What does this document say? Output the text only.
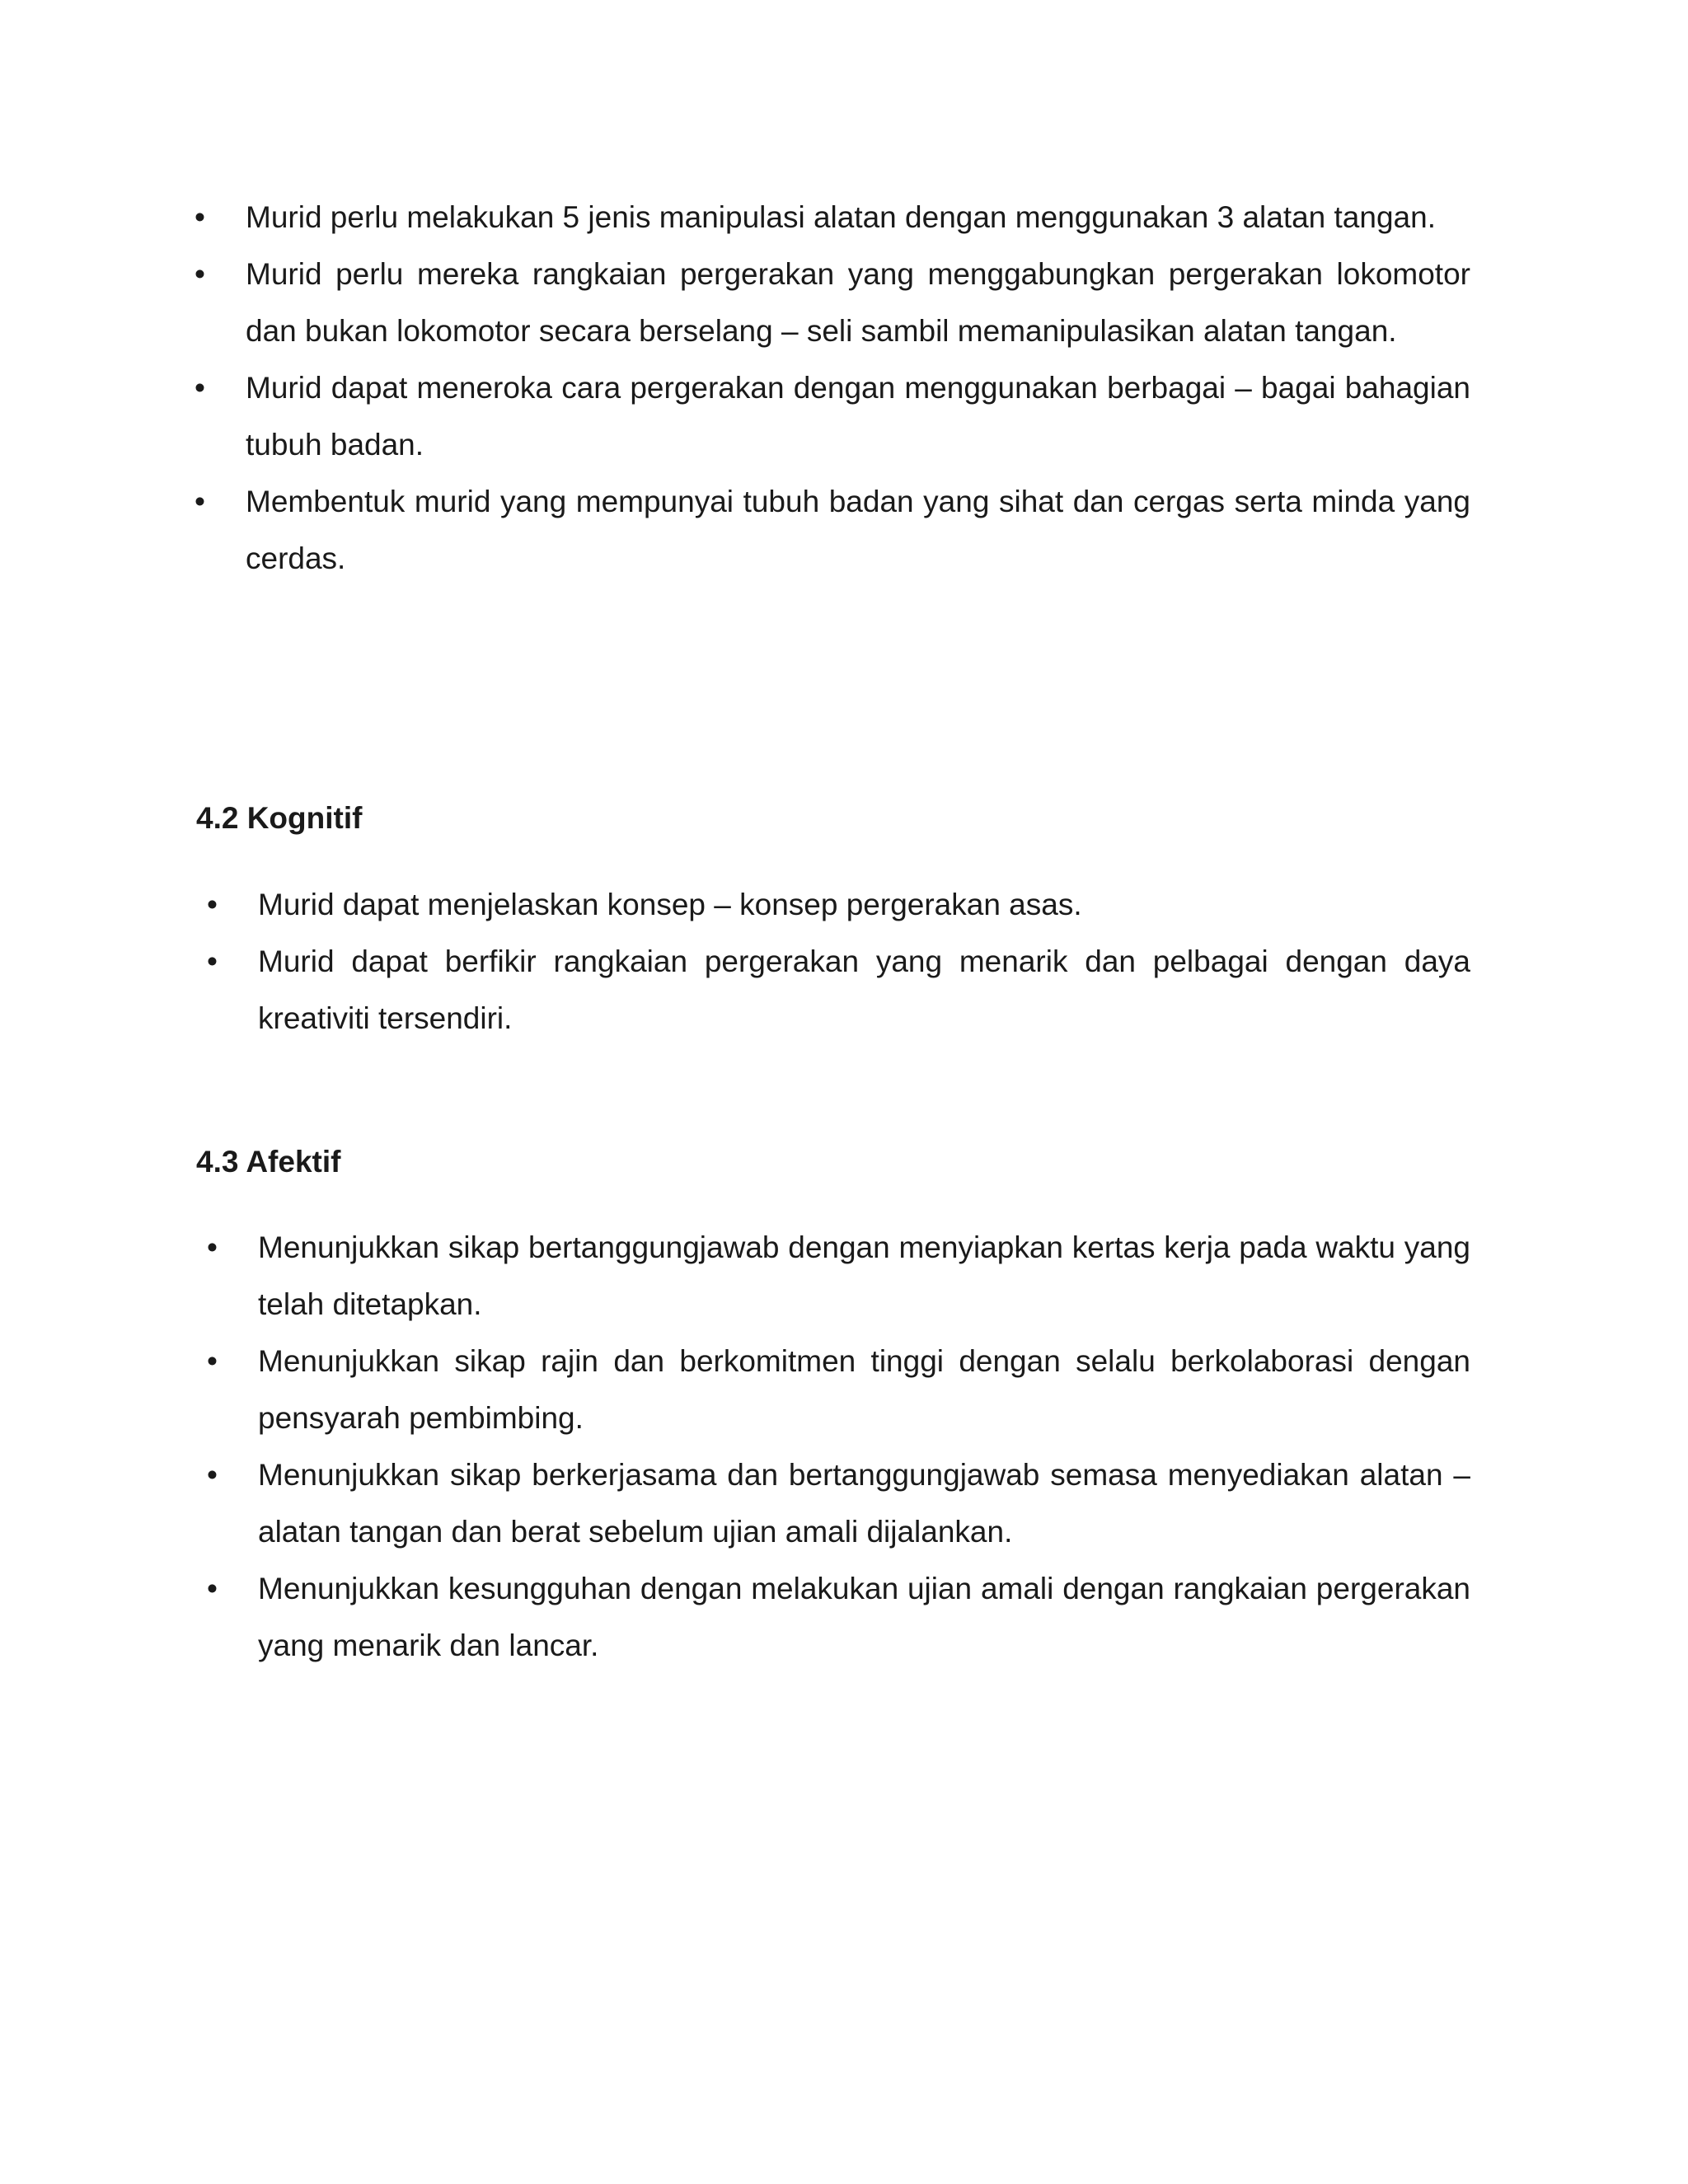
• Murid perlu melakukan 5 jenis manipulasi alatan dengan menggunakan 3 alatan tangan.
• Murid perlu mereka rangkaian pergerakan yang menggabungkan pergerakan lokomotor dan bukan lokomotor secara berselang – seli sambil memanipulasikan alatan tangan.
• Murid dapat meneroka cara pergerakan dengan menggunakan berbagai – bagai bahagian tubuh badan.
• Membentuk murid yang mempunyai tubuh badan yang sihat dan cergas serta minda yang cerdas.
4.2 Kognitif
• Murid dapat menjelaskan konsep – konsep pergerakan asas.
• Murid dapat berfikir rangkaian pergerakan yang menarik dan pelbagai dengan daya kreativiti tersendiri.
4.3 Afektif
• Menunjukkan sikap bertanggungjawab dengan menyiapkan kertas kerja pada waktu yang telah ditetapkan.
• Menunjukkan sikap rajin dan berkomitmen tinggi dengan selalu berkolaborasi dengan pensyarah pembimbing.
• Menunjukkan sikap berkerjasama dan bertanggungjawab semasa menyediakan alatan – alatan tangan dan berat sebelum ujian amali dijalankan.
• Menunjukkan kesungguhan dengan melakukan ujian amali dengan rangkaian pergerakan yang menarik dan lancar.
